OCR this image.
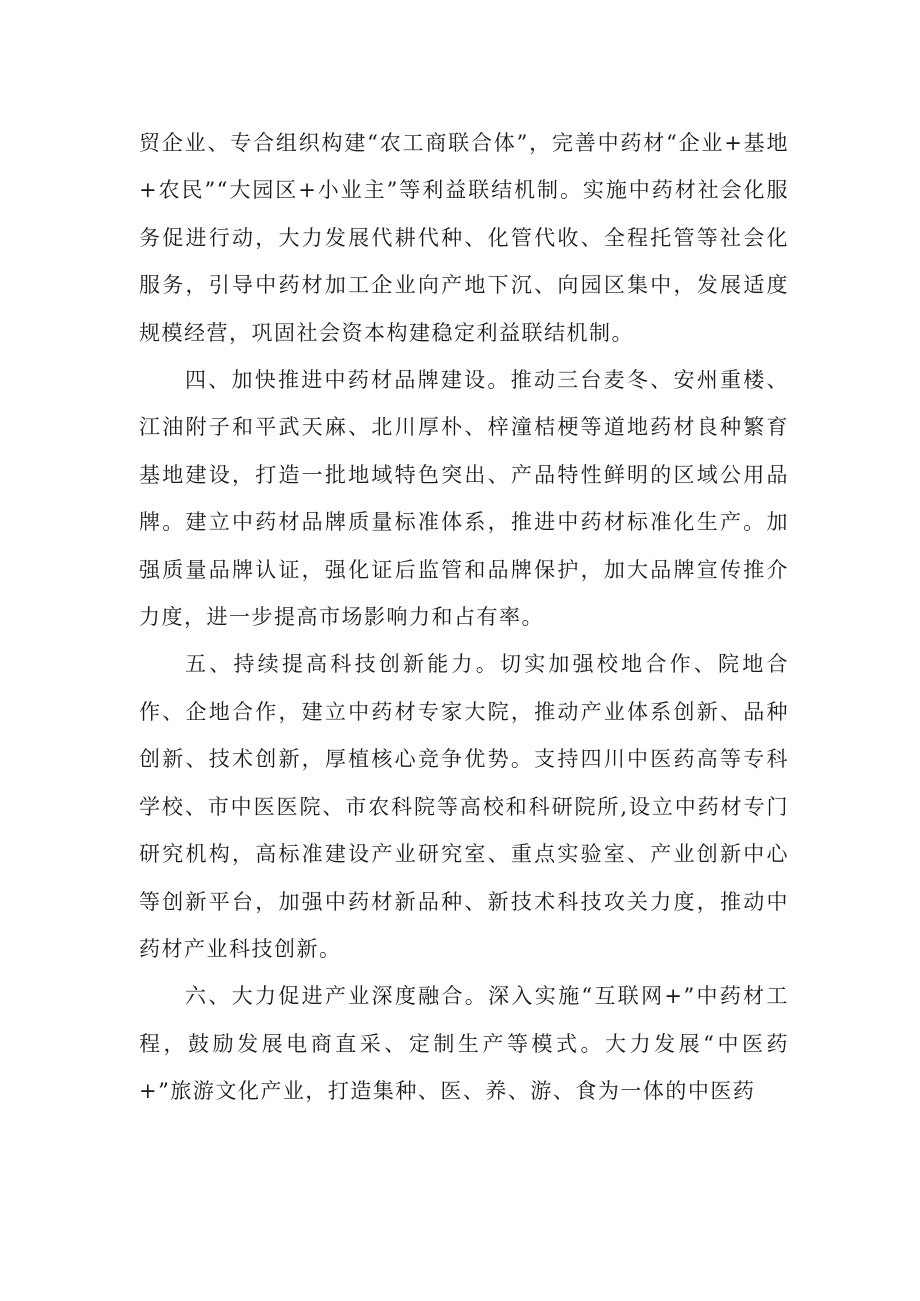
贸企业、专合组织构建“农工商联合体”，完善中药材“企业+基地+农民”“大园区+小业主”等利益联结机制。实施中药材社会化服务促进行动，大力发展代耕代种、化管代收、全程托管等社会化服务，引导中药材加工企业向产地下沉、向园区集中，发展适度规模经营，巩固社会资本构建稳定利益联结机制。

四、加快推进中药材品牌建设。推动三台麦冬、安州重楼、江油附子和平武天麻、北川厚朴、梓潼桔梗等道地药材良种繁育基地建设，打造一批地域特色突出、产品特性鲜明的区域公用品牌。建立中药材品牌质量标准体系，推进中药材标准化生产。加强质量品牌认证，强化证后监管和品牌保护，加大品牌宣传推介力度，进一步提高市场影响力和占有率。

五、持续提高科技创新能力。切实加强校地合作、院地合作、企地合作，建立中药材专家大院，推动产业体系创新、品种创新、技术创新，厚植核心竞争优势。支持四川中医药高等专科学校、市中医医院、市农科院等高校和科研院所,设立中药材专门研究机构，高标准建设产业研究室、重点实验室、产业创新中心等创新平台，加强中药材新品种、新技术科技攻关力度，推动中药材产业科技创新。

六、大力促进产业深度融合。深入实施“互联网+”中药材工程，鼓励发展电商直采、定制生产等模式。大力发展“中医药+”旅游文化产业，打造集种、医、养、游、食为一体的中医药
